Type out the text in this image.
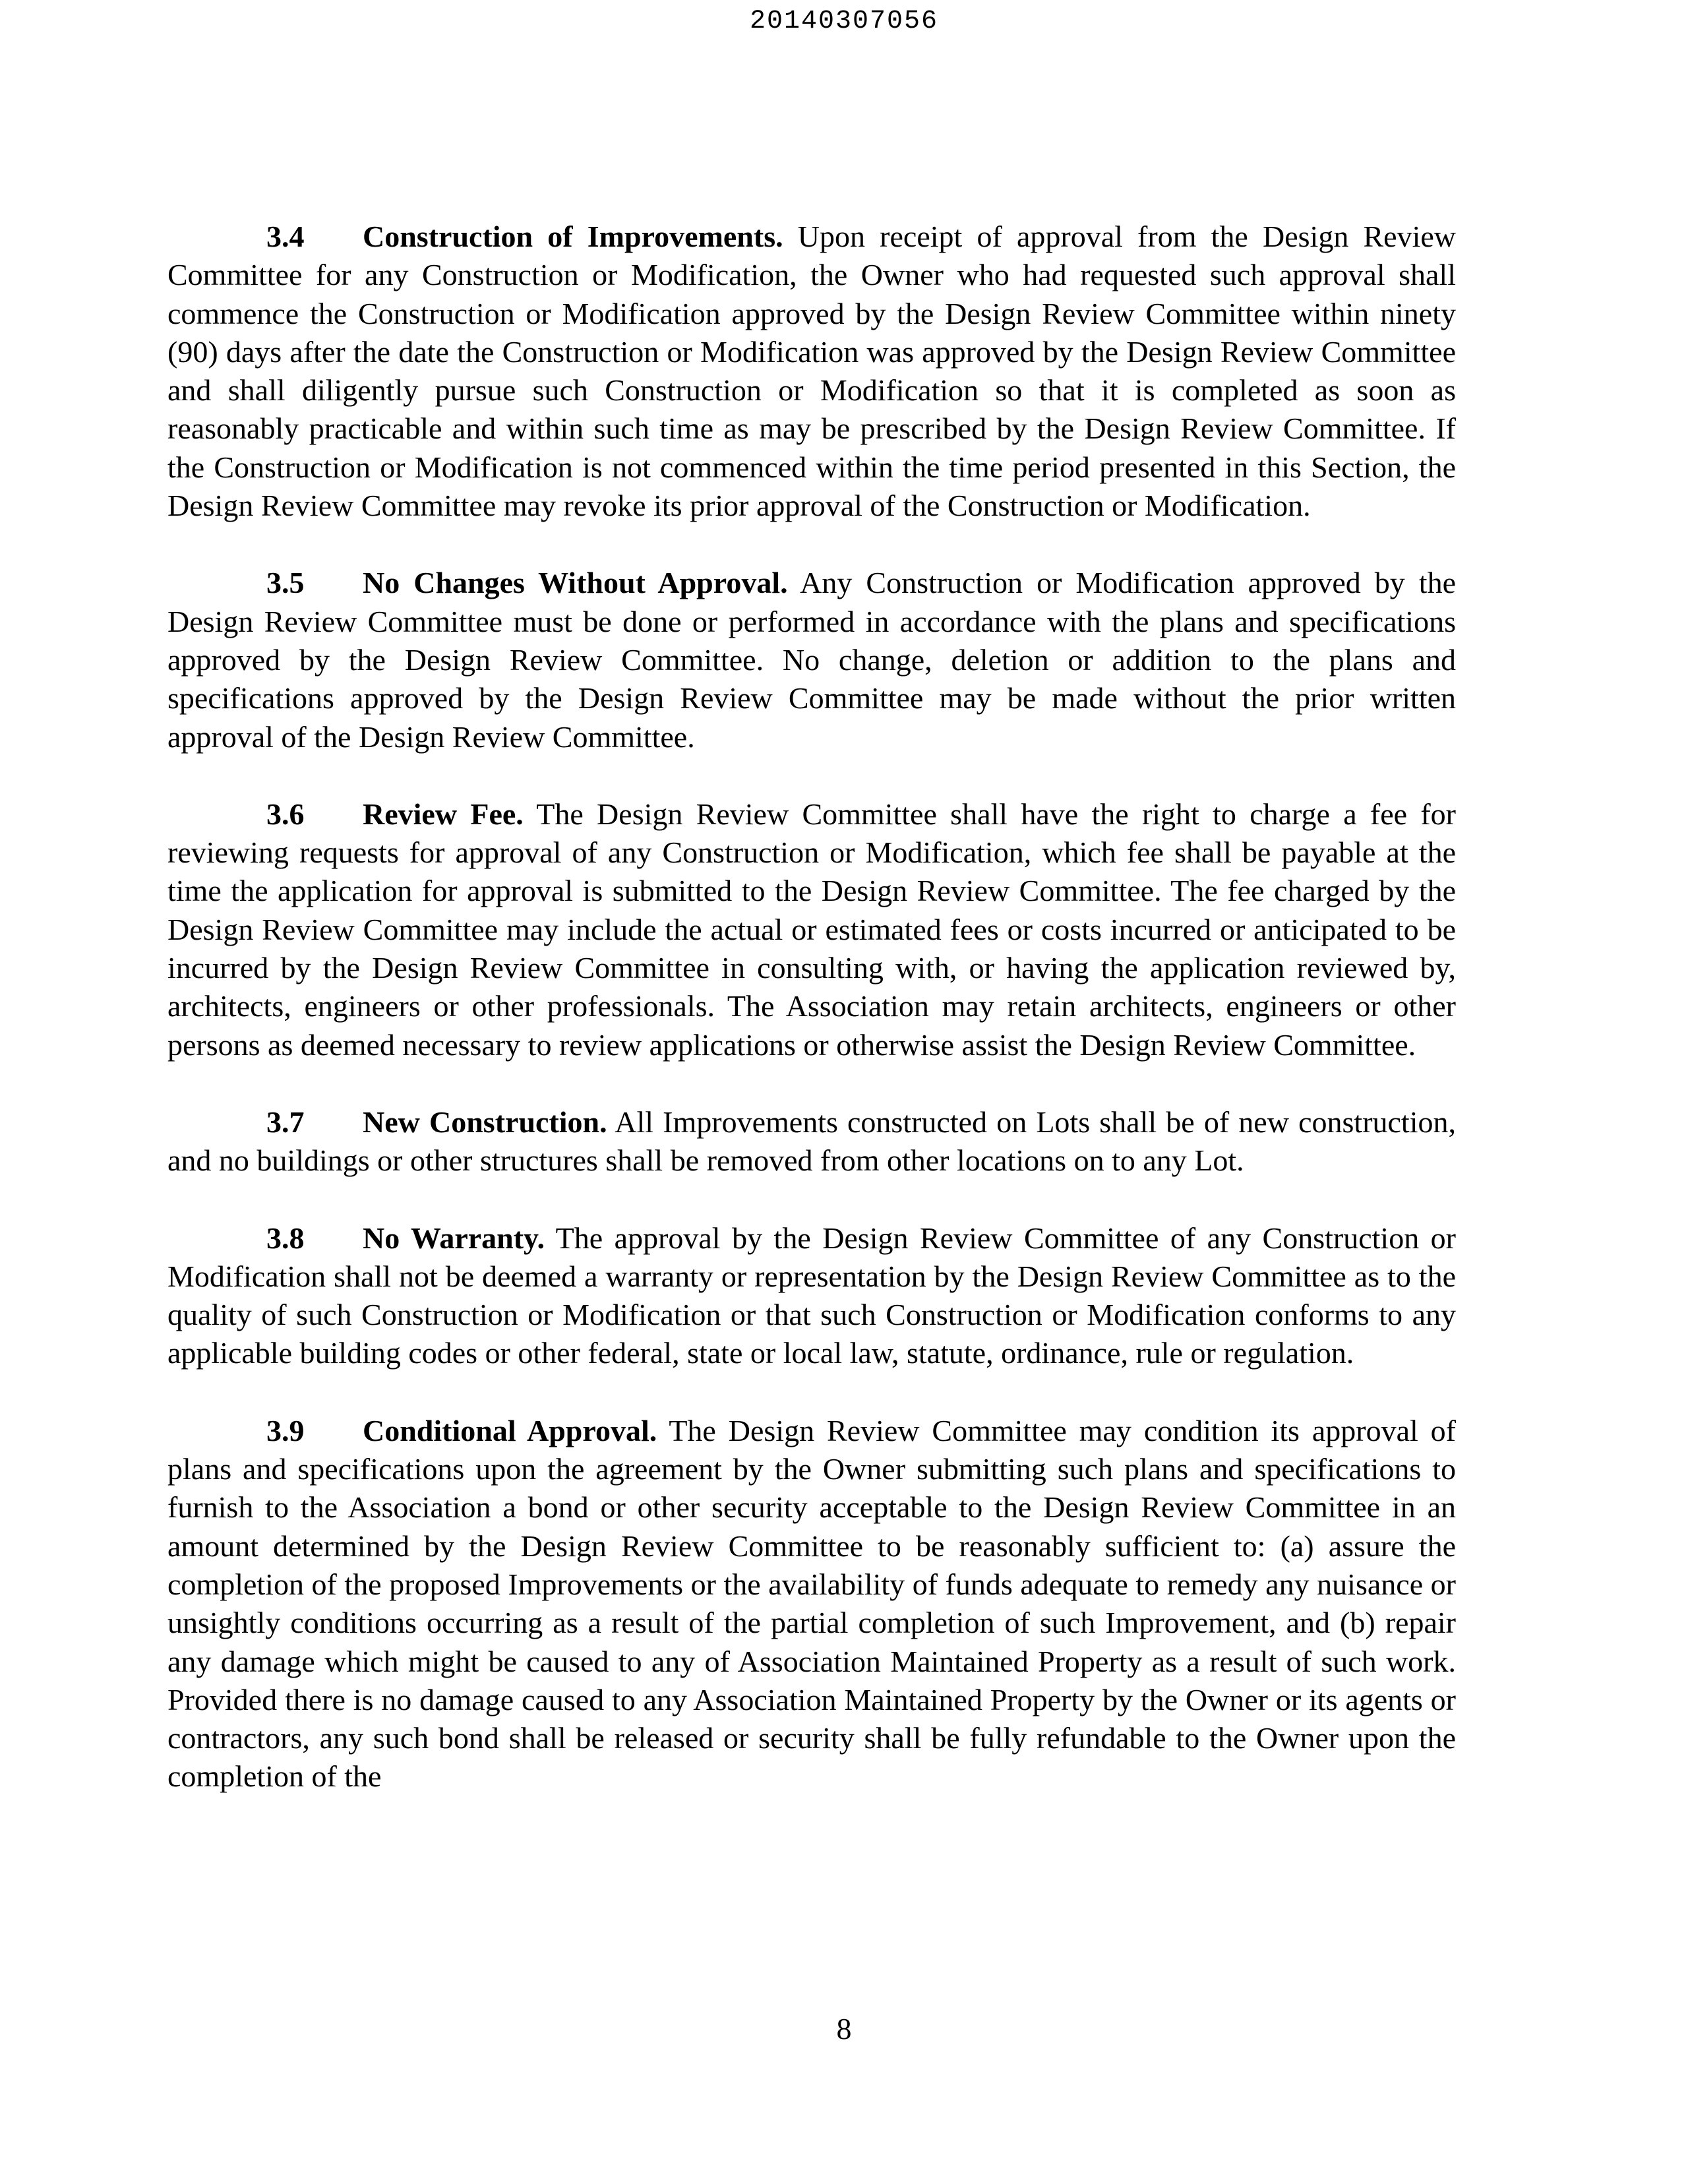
20140307056

3.4 Construction of Improvements. Upon receipt of approval from the Design Review Committee for any Construction or Modification, the Owner who had requested such approval shall commence the Construction or Modification approved by the Design Review Committee within ninety (90) days after the date the Construction or Modification was approved by the Design Review Committee and shall diligently pursue such Construction or Modification so that it is completed as soon as reasonably practicable and within such time as may be prescribed by the Design Review Committee. If the Construction or Modification is not commenced within the time period presented in this Section, the Design Review Committee may revoke its prior approval of the Construction or Modification.

3.5 No Changes Without Approval. Any Construction or Modification approved by the Design Review Committee must be done or performed in accordance with the plans and specifications approved by the Design Review Committee. No change, deletion or addition to the plans and specifications approved by the Design Review Committee may be made without the prior written approval of the Design Review Committee.

3.6 Review Fee. The Design Review Committee shall have the right to charge a fee for reviewing requests for approval of any Construction or Modification, which fee shall be payable at the time the application for approval is submitted to the Design Review Committee. The fee charged by the Design Review Committee may include the actual or estimated fees or costs incurred or anticipated to be incurred by the Design Review Committee in consulting with, or having the application reviewed by, architects, engineers or other professionals. The Association may retain architects, engineers or other persons as deemed necessary to review applications or otherwise assist the Design Review Committee.

3.7 New Construction. All Improvements constructed on Lots shall be of new construction, and no buildings or other structures shall be removed from other locations on to any Lot.

3.8 No Warranty. The approval by the Design Review Committee of any Construction or Modification shall not be deemed a warranty or representation by the Design Review Committee as to the quality of such Construction or Modification or that such Construction or Modification conforms to any applicable building codes or other federal, state or local law, statute, ordinance, rule or regulation.

3.9 Conditional Approval. The Design Review Committee may condition its approval of plans and specifications upon the agreement by the Owner submitting such plans and specifications to furnish to the Association a bond or other security acceptable to the Design Review Committee in an amount determined by the Design Review Committee to be reasonably sufficient to: (a) assure the completion of the proposed Improvements or the availability of funds adequate to remedy any nuisance or unsightly conditions occurring as a result of the partial completion of such Improvement, and (b) repair any damage which might be caused to any of Association Maintained Property as a result of such work. Provided there is no damage caused to any Association Maintained Property by the Owner or its agents or contractors, any such bond shall be released or security shall be fully refundable to the Owner upon the completion of the

8
